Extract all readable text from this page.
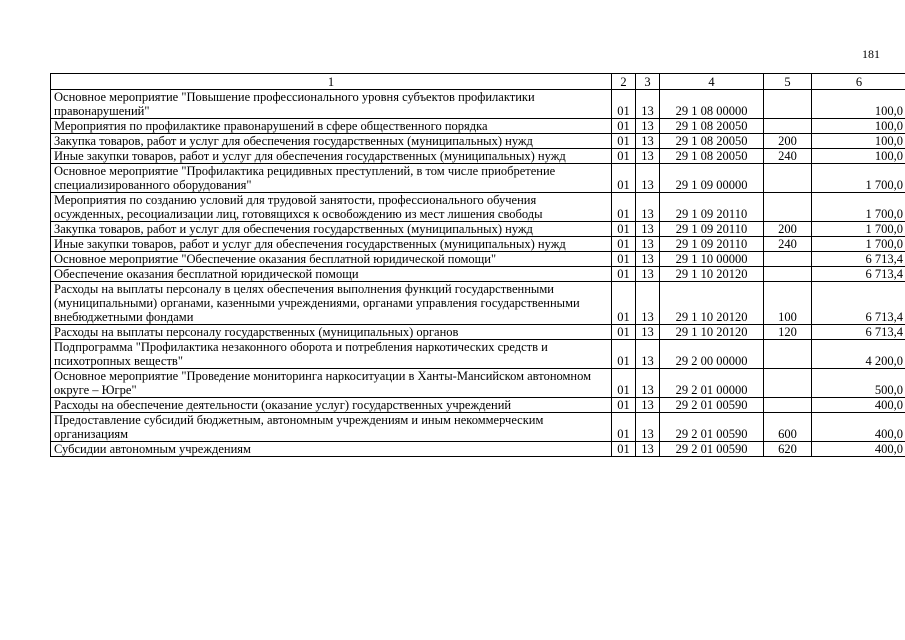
181
1	2	3	4	5	6
Основное мероприятие "Повышение профессионального уровня субъектов профилактики правонарушений"	01	13	29 1 08 00000		100,0
Мероприятия по профилактике правонарушений в сфере общественного порядка	01	13	29 1 08 20050		100,0
Закупка товаров, работ и услуг для обеспечения государственных (муниципальных) нужд	01	13	29 1 08 20050	200	100,0
Иные закупки товаров, работ и услуг для обеспечения государственных (муниципальных) нужд	01	13	29 1 08 20050	240	100,0
Основное мероприятие "Профилактика рецидивных преступлений, в том числе приобретение специализированного оборудования"	01	13	29 1 09 00000		1 700,0
Мероприятия по созданию условий для трудовой занятости, профессионального обучения осужденных, ресоциализации лиц, готовящихся к освобождению из мест лишения свободы	01	13	29 1 09 20110		1 700,0
Закупка товаров, работ и услуг для обеспечения государственных (муниципальных) нужд	01	13	29 1 09 20110	200	1 700,0
Иные закупки товаров, работ и услуг для обеспечения государственных (муниципальных) нужд	01	13	29 1 09 20110	240	1 700,0
Основное мероприятие "Обеспечение оказания бесплатной юридической помощи"	01	13	29 1 10 00000		6 713,4
Обеспечение оказания бесплатной юридической помощи	01	13	29 1 10 20120		6 713,4
Расходы на выплаты персоналу в целях обеспечения выполнения функций государственными (муниципальными) органами, казенными учреждениями, органами управления государственными внебюджетными фондами	01	13	29 1 10 20120	100	6 713,4
Расходы на выплаты персоналу государственных (муниципальных) органов	01	13	29 1 10 20120	120	6 713,4
Подпрограмма "Профилактика незаконного оборота и потребления наркотических средств и психотропных веществ"	01	13	29 2 00 00000		4 200,0
Основное мероприятие "Проведение мониторинга наркоситуации в Ханты-Мансийском автономном округе – Югре"	01	13	29 2 01 00000		500,0
Расходы на обеспечение деятельности (оказание услуг) государственных учреждений	01	13	29 2 01 00590		400,0
Предоставление субсидий бюджетным, автономным учреждениям и иным некоммерческим организациям	01	13	29 2 01 00590	600	400,0
Субсидии автономным учреждениям	01	13	29 2 01 00590	620	400,0
